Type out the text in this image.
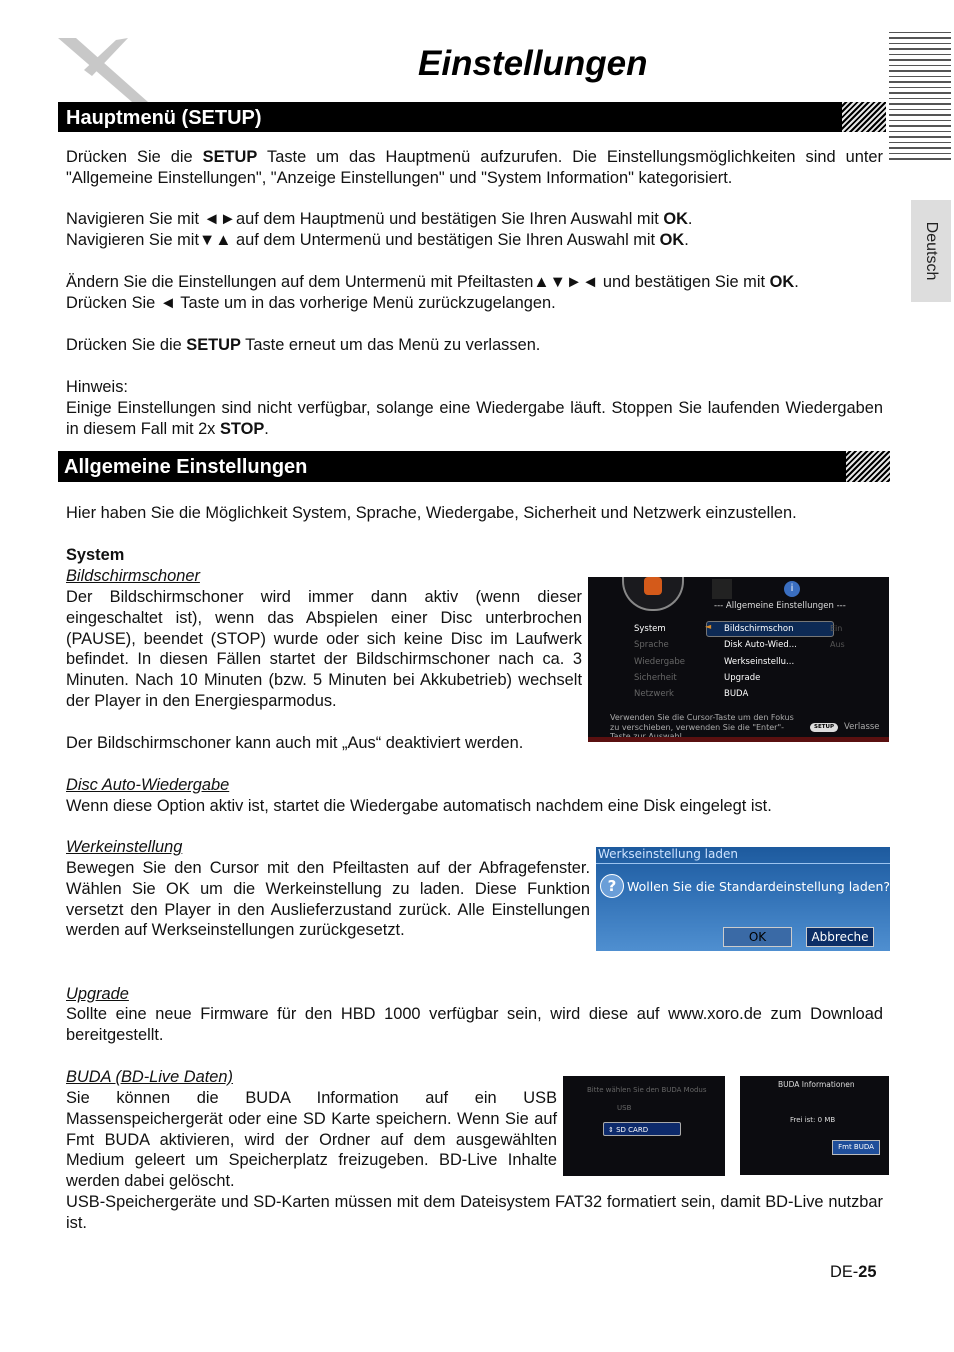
Einstellungen
Deutsch
Hauptmenü (SETUP)

Drücken Sie die SETUP Taste um das Hauptmenü aufzurufen. Die Einstellungsmöglichkeiten sind unter "Allgemeine Einstellungen", "Anzeige Einstellungen" und "System Information" kategorisiert.

Navigieren Sie mit ◄►auf dem Hauptmenü und bestätigen Sie Ihren Auswahl mit OK.

Navigieren Sie mit▼▲ auf dem Untermenü und bestätigen Sie Ihren Auswahl mit OK.

Ändern Sie die Einstellungen auf dem Untermenü mit Pfeiltasten▲▼►◄ und bestätigen Sie mit OK.

Drücken Sie ◄ Taste um in das vorherige Menü zurückzugelangen.

Drücken Sie die SETUP Taste erneut um das Menü zu verlassen.

Hinweis:

Einige Einstellungen sind nicht verfügbar, solange eine Wiedergabe läuft. Stoppen Sie laufenden Wiedergaben in diesem Fall mit 2x STOP.

Allgemeine Einstellungen

Hier haben Sie die Möglichkeit System, Sprache, Wiedergabe, Sicherheit und Netzwerk einzustellen.

System

Bildschirmschoner

Der Bildschirmschoner wird immer dann aktiv (wenn dieser eingeschaltet ist), wenn das Abspielen einer Disc unterbrochen (PAUSE), beendet (STOP) wurde oder sich keine Disc im Laufwerk befindet. In diesen Fällen startet der Bildschirmschoner nach ca. 3 Minuten. Nach 10 Minuten (bzw. 5 Minuten bei Akkubetrieb) wechselt der Player in den Energiesparmodus.

Der Bildschirmschoner kann auch mit „Aus“ deaktiviert werden.

i
--- Allgemeine Einstellungen ---
System
Sprache
Wiedergabe
Sicherheit
Netzwerk
◄ Bildschirmschon
Disk Auto-Wied...
Werkseinstellu...
Upgrade
BUDA
Ein
Aus
Verwenden Sie die Cursor-Taste um den Fokus zu verschieben, verwenden Sie die "Enter"-	SETUP	Verlasse

Disc Auto-Wiedergabe

Wenn diese Option aktiv ist, startet die Wiedergabe automatisch nachdem eine Disk eingelegt ist.

Werkeinstellung

Bewegen Sie den Cursor mit den Pfeiltasten auf der Abfragefenster. Wählen Sie OK um die Werkeinstellung zu laden. Diese Funktion versetzt den Player in den Auslieferzustand zurück. Alle Einstellungen werden auf Werkseinstellungen zurückgesetzt.

Werkseinstellung laden
? Wollen Sie die Standardeinstellung laden?
OK	Abbreche

Upgrade

Sollte eine neue Firmware für den HBD 1000 verfügbar sein, wird diese auf www.xoro.de zum Download bereitgestellt.

BUDA (BD-Live Daten)

Sie können die BUDA Information auf ein USB Massenspeichergerät oder eine SD Karte speichern. Wenn Sie auf Fmt BUDA aktivieren, wird der Ordner auf dem ausgewählten Medium geleert um Speicherplatz freizugeben. BD-Live Inhalte werden dabei gelöscht.

USB-Speichergeräte und SD-Karten müssen mit dem Dateisystem FAT32 formatiert sein, damit BD-Live nutzbar ist.

Bitte wählen Sie den BUDA Modus
USB
⇕ SD CARD
BUDA Informationen
Frei ist: 0 MB
Fmt BUDA
DE-25
